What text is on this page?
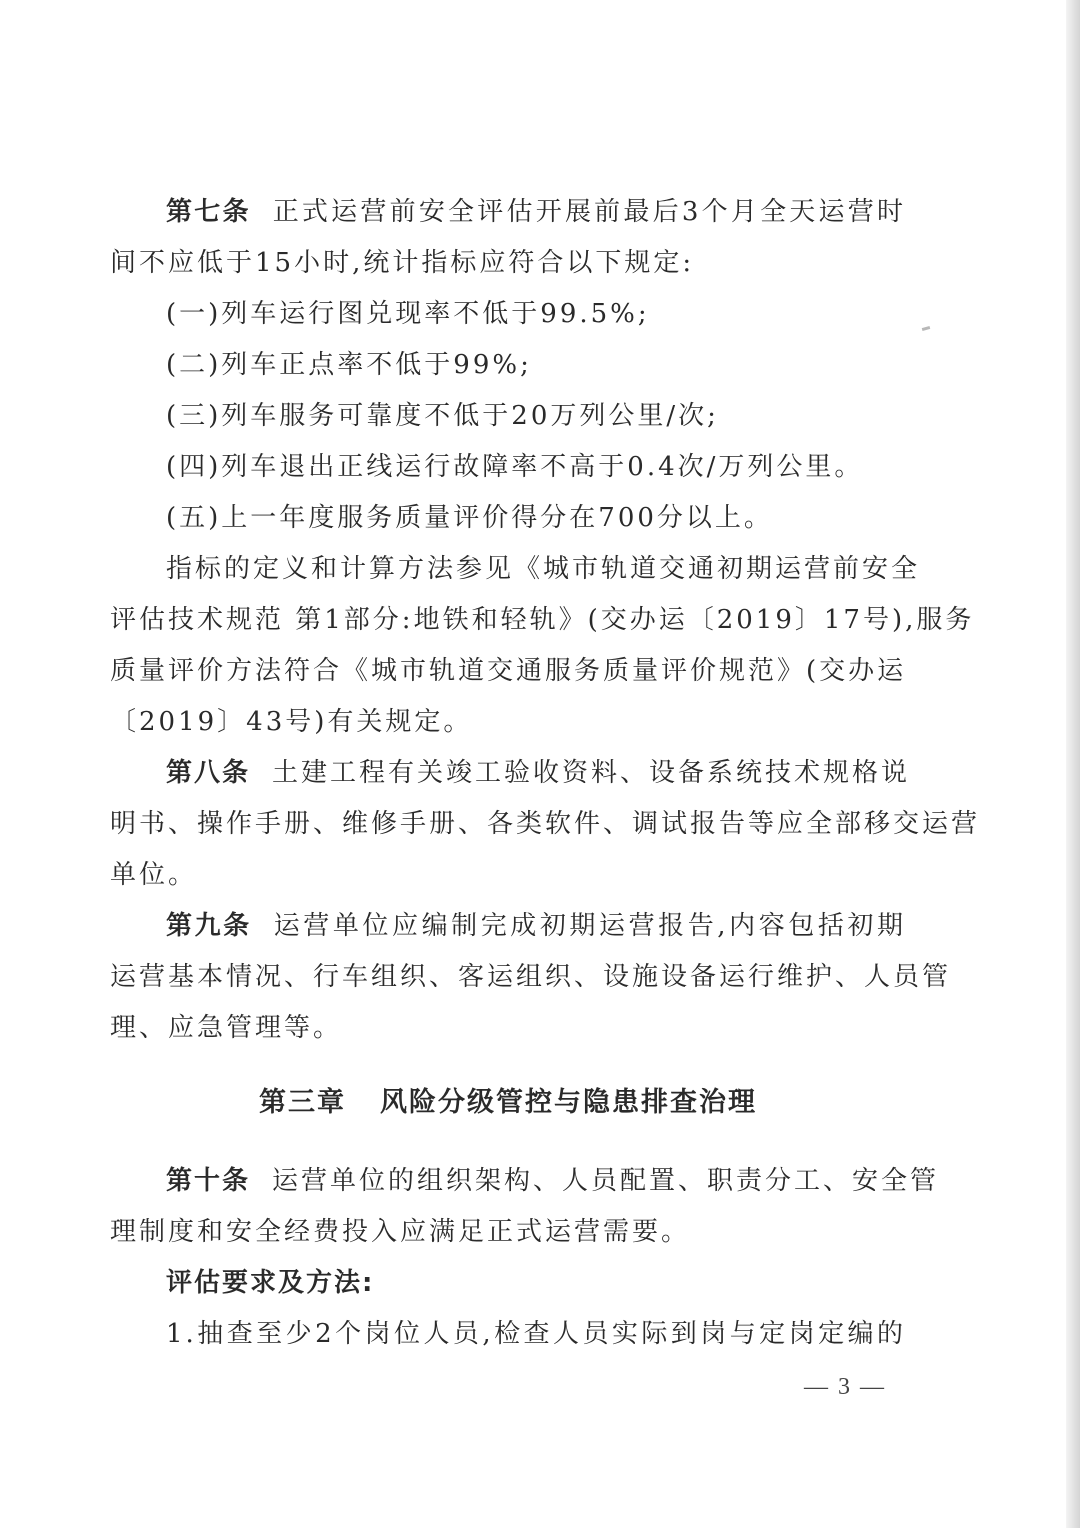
第七条 正式运营前安全评估开展前最后3个月全天运营时
间不应低于15小时,统计指标应符合以下规定:
(一)列车运行图兑现率不低于99.5%;
(二)列车正点率不低于99%;
(三)列车服务可靠度不低于20万列公里/次;
(四)列车退出正线运行故障率不高于0.4次/万列公里。
(五)上一年度服务质量评价得分在700分以上。
指标的定义和计算方法参见《城市轨道交通初期运营前安全
评估技术规范 第1部分:地铁和轻轨》(交办运〔2019〕17号),服务
质量评价方法符合《城市轨道交通服务质量评价规范》(交办运
〔2019〕43号)有关规定。
第八条 土建工程有关竣工验收资料、设备系统技术规格说
明书、操作手册、维修手册、各类软件、调试报告等应全部移交运营
单位。
第九条 运营单位应编制完成初期运营报告,内容包括初期
运营基本情况、行车组织、客运组织、设施设备运行维护、人员管
理、应急管理等。
第三章 风险分级管控与隐患排查治理
第十条 运营单位的组织架构、人员配置、职责分工、安全管
理制度和安全经费投入应满足正式运营需要。
评估要求及方法:
1.抽查至少2个岗位人员,检查人员实际到岗与定岗定编的
— 3 —
